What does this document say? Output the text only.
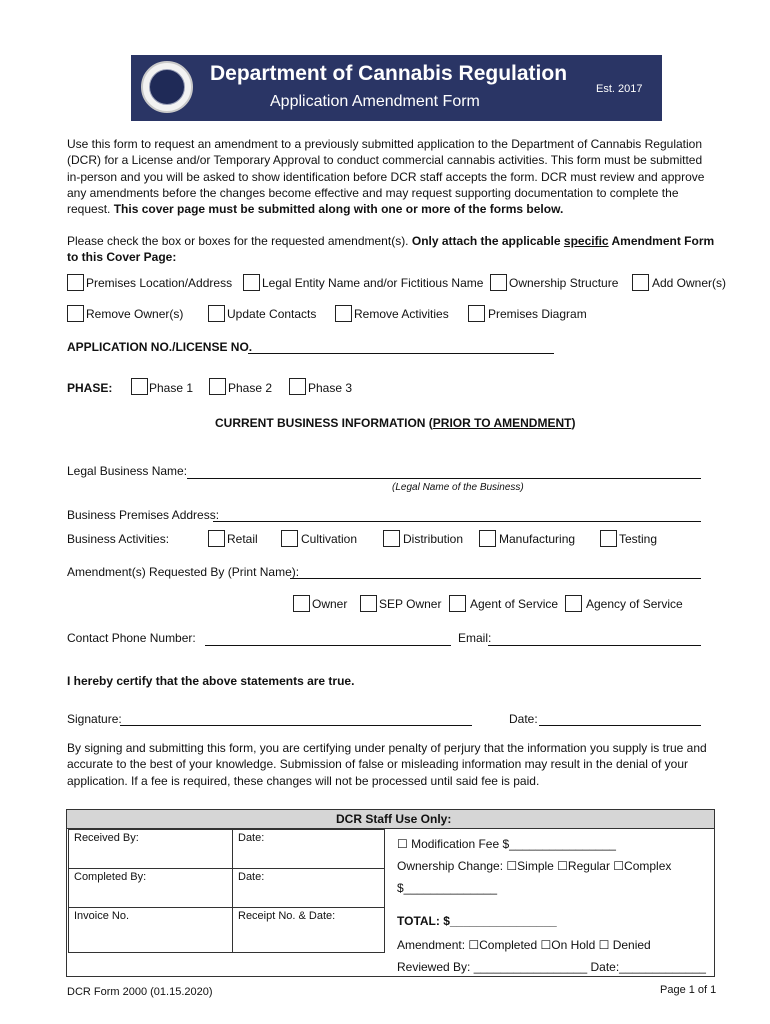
Department of Cannabis Regulation
Application Amendment Form
Est. 2017
Use this form to request an amendment to a previously submitted application to the Department of Cannabis Regulation (DCR) for a License and/or Temporary Approval to conduct commercial cannabis activities. This form must be submitted in-person and you will be asked to show identification before DCR staff accepts the form. DCR must review and approve any amendments before the changes become effective and may request supporting documentation to complete the request. This cover page must be submitted along with one or more of the forms below.
Please check the box or boxes for the requested amendment(s). Only attach the applicable specific Amendment Form to this Cover Page:
Premises Location/Address Legal Entity Name and/or Fictitious Name Ownership Structure	Add Owner(s)
Remove Owner(s)	Update Contacts	Remove Activities	Premises Diagram
APPLICATION NO./LICENSE NO.
PHASE:	Phase 1	Phase 2	Phase 3
CURRENT BUSINESS INFORMATION (PRIOR TO AMENDMENT)
Legal Business Name:
(Legal Name of the Business)
Business Premises Address:
Business Activities:	Retail	Cultivation	Distribution	Manufacturing	Testing
Amendment(s) Requested By (Print Name):
Owner	SEP Owner Agent of Service Agency of Service
Contact Phone Number:	Email:
I hereby certify that the above statements are true.
Signature:	Date:
By signing and submitting this form, you are certifying under penalty of perjury that the information you supply is true and accurate to the best of your knowledge. Submission of false or misleading information may result in the denial of your application. If a fee is required, these changes will not be processed until said fee is paid.
DCR Staff Use Only:
Received By:	Date:
Completed By:	Date:
Invoice No.	Receipt No. & Date:
☐ Modification Fee $________________
Ownership Change: ☐Simple ☐Regular ☐Complex
$______________
TOTAL: $________________
Amendment: ☐Completed ☐On Hold ☐ Denied
Reviewed By: _________________ Date:_____________
DCR Form 2000 (01.15.2020)	Page 1 of 1
